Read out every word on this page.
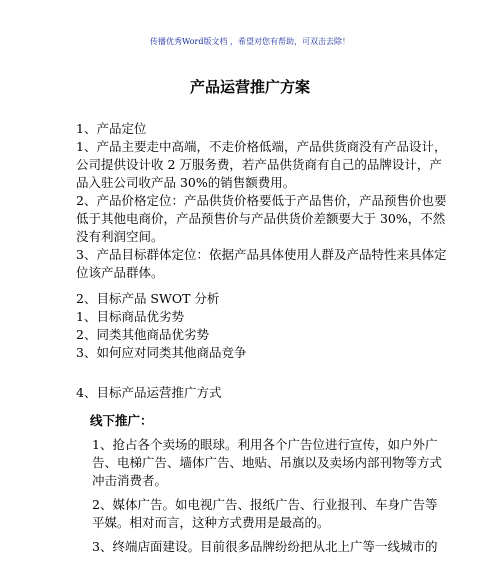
传播优秀Word版文档 ，希望对您有帮助，可双击去除！
产品运营推广方案
1、产品定位
1、产品主要走中高端，不走价格低端，产品供货商没有产品设计，
公司提供设计收 2 万服务费，若产品供货商有自己的品牌设计，产
品入驻公司收产品 30%的销售额费用。
2、产品价格定位：产品供货价格要低于产品售价，产品预售价也要
低于其他电商价，产品预售价与产品供货价差额要大于 30%，不然
没有利润空间。
3、产品目标群体定位：依据产品具体使用人群及产品特性来具体定
位该产品群体。
2、目标产品 SWOT 分析
1、目标商品优劣势
2、同类其他商品优劣势
3、如何应对同类其他商品竞争
4、目标产品运营推广方式
线下推广：
1、抢占各个卖场的眼球。利用各个广告位进行宣传，如户外广
告、电梯广告、墙体广告、地贴、吊旗以及卖场内部刊物等方式
冲击消费者。
2、媒体广告。如电视广告、报纸广告、行业报刊、车身广告等
平媒。相对而言，这种方式费用是最高的。
3、终端店面建设。目前很多品牌纷纷把从北上广等一线城市的
